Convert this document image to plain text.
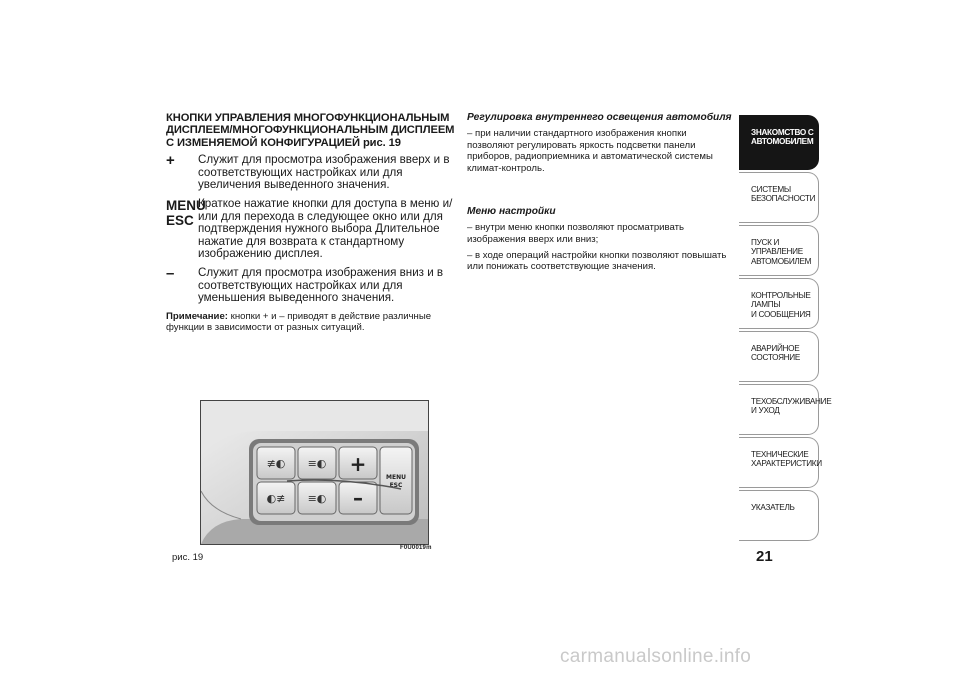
КНОПКИ УПРАВЛЕНИЯ МНОГОФУНКЦИОНАЛЬНЫМ ДИСПЛЕЕМ/МНОГОФУНКЦИОНАЛЬНЫМ ДИСПЛЕЕМ С ИЗМЕНЯЕМОЙ КОНФИГУРАЦИЕЙ рис. 19
+	Служит для просмотра изображения вверх и в соответствующих настройках или для увеличения выведенного значения.
MENU ESC
Краткое нажатие кнопки для доступа в меню и/или для перехода в следующее окно или для подтверждения нужного выбора Длительное нажатие для возврата к стандартному изображению дисплея.
–	Служит для просмотра изображения вниз и в соответствующих настройках или для уменьшения выведенного значения.
Примечание: кнопки + и – приводят в действие различные функции в зависимости от разных ситуаций.
≢◐ ≡◐
◐≢ ≡◐
+
–
MENU
ESC
рис. 19
F0U0019m
Регулировка внутреннего освещения автомобиля
– при наличии стандартного изображения кнопки позволяют регулировать яркость подсветки панели приборов, радиоприемника и автоматической системы климат-контроль.
Меню настройки
– внутри меню кнопки позволяют просматривать изображения вверх или вниз;
– в ходе операций настройки кнопки позволяют повышать или понижать соответствующие значения.
ЗНАКОМСТВО С
АВТОМОБИЛЕМ
СИСТЕМЫ
БЕЗОПАСНОСТИ
ПУСК И УПРАВЛЕНИЕ
АВТОМОБИЛЕМ
КОНТРОЛЬНЫЕ
ЛАМПЫ
И СООБЩЕНИЯ
АВАРИЙНОЕ
СОСТОЯНИЕ
ТЕХОБСЛУЖИВАНИЕ
И УХОД
ТЕХНИЧЕСКИЕ
ХАРАКТЕРИСТИКИ
УКАЗАТЕЛЬ
21
carmanualsonline.info
